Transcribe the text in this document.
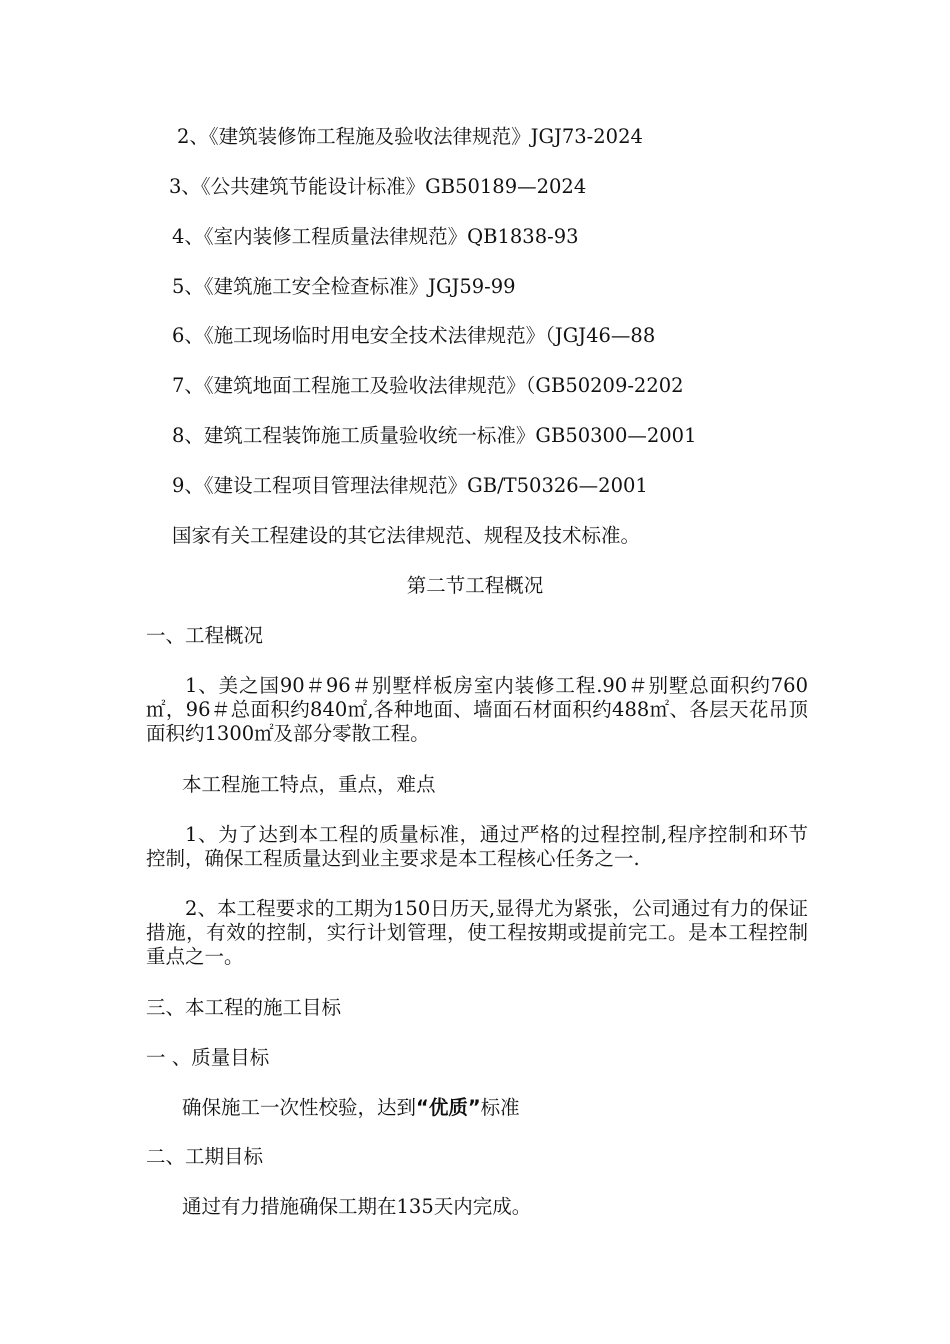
2、《建筑装修饰工程施及验收法律规范》JGJ73-2024
3、《公共建筑节能设计标准》GB50189—2024
4、《室内装修工程质量法律规范》QB1838-93
5、《建筑施工安全检查标准》JGJ59-99
6、《施工现场临时用电安全技术法律规范》（JGJ46—88
7、《建筑地面工程施工及验收法律规范》（GB50209-2202
8、建筑工程装饰施工质量验收统一标准》GB50300—2001
9、《建设工程项目管理法律规范》GB/T50326—2001
国家有关工程建设的其它法律规范、规程及技术标准。
第二节工程概况
一、工程概况

1、美之国90＃96＃别墅样板房室内装修工程.90＃别墅总面积约760㎡，96＃总面积约840㎡,各种地面、墙面石材面积约488㎡、各层天花吊顶面积约1300㎡及部分零散工程。

本工程施工特点，重点，难点

1、为了达到本工程的质量标准，通过严格的过程控制,程序控制和环节控制，确保工程质量达到业主要求是本工程核心任务之一.

2、本工程要求的工期为150日历天,显得尤为紧张，公司通过有力的保证措施，有效的控制，实行计划管理，使工程按期或提前完工。是本工程控制重点之一。

三、本工程的施工目标
一 、质量目标
确保施工一次性校验，达到“优质”标准
二、工期目标
通过有力措施确保工期在135天内完成。
